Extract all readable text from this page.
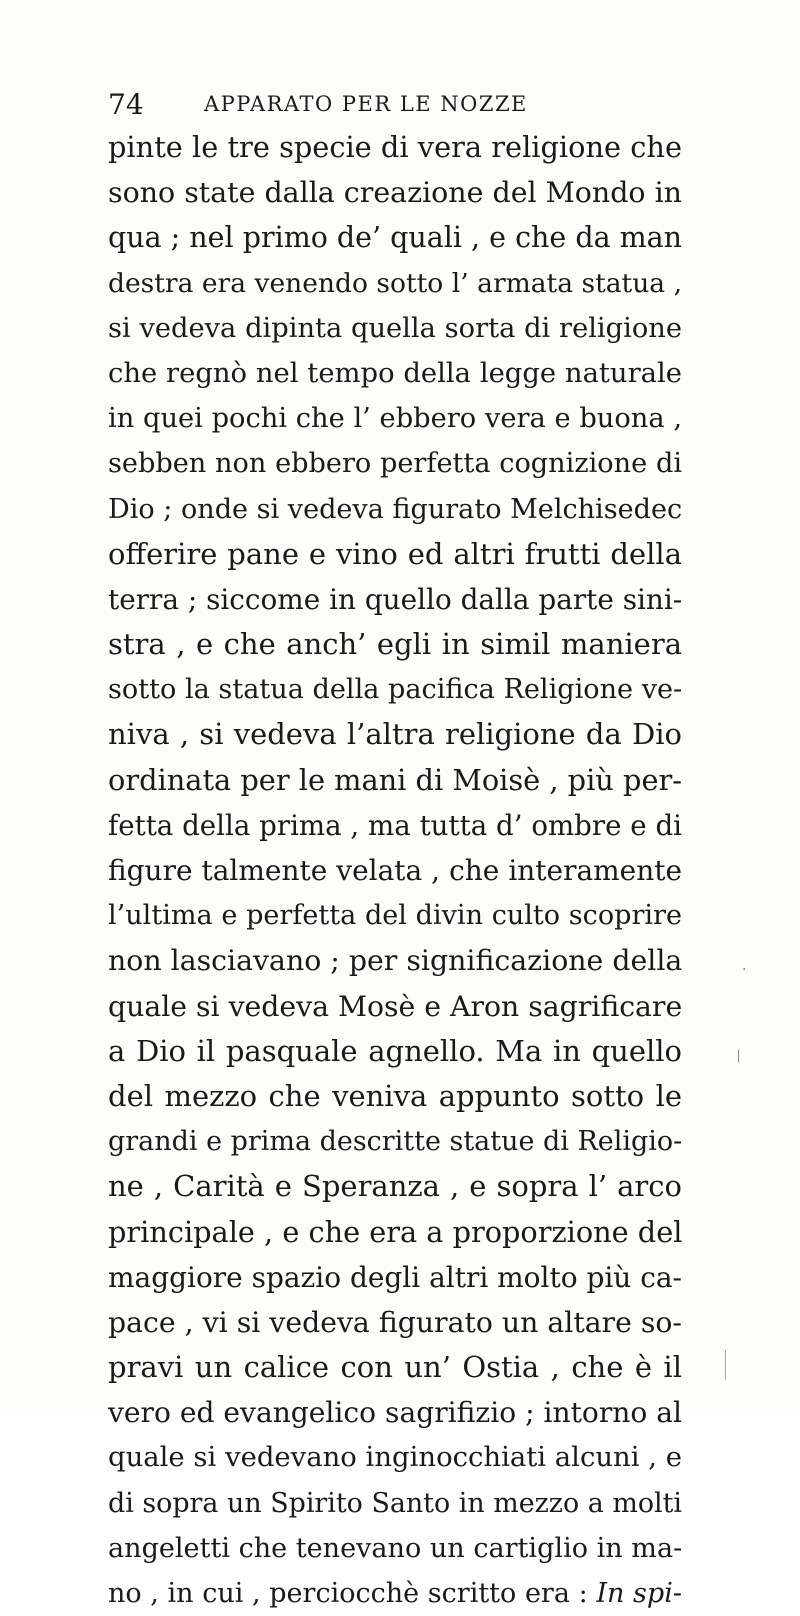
74	APPARATO PER LE NOZZE
pinte le tre specie di vera religione che
sono state dalla creazione del Mondo in
qua ; nel primo de’ quali , e che da man
destra era venendo sotto l’ armata statua ,
si vedeva dipinta quella sorta di religione
che regnò nel tempo della legge naturale
in quei pochi che l’ ebbero vera e buona ,
sebben non ebbero perfetta cognizione di
Dio ; onde si vedeva figurato Melchisedec
offerire pane e vino ed altri frutti della
terra ; siccome in quello dalla parte sini-
stra , e che anch’ egli in simil maniera
sotto la statua della pacifica Religione ve-
niva , si vedeva l’altra religione da Dio
ordinata per le mani di Moisè , più per-
fetta della prima , ma tutta d’ ombre e di
figure talmente velata , che interamente
l’ultima e perfetta del divin culto scoprire
non lasciavano ; per significazione della
quale si vedeva Mosè e Aron sagrificare
a Dio il pasquale agnello. Ma in quello
del mezzo che veniva appunto sotto le
grandi e prima descritte statue di Religio-
ne , Carità e Speranza , e sopra l’ arco
principale , e che era a proporzione del
maggiore spazio degli altri molto più ca-
pace , vi si vedeva figurato un altare so-
pravi un calice con un’ Ostia , che è il
vero ed evangelico sagrifizio ; intorno al
quale si vedevano inginocchiati alcuni , e
di sopra un Spirito Santo in mezzo a molti
angeletti che tenevano un cartiglio in ma-
no , in cui , perciocchè scritto era : In spi-
·
